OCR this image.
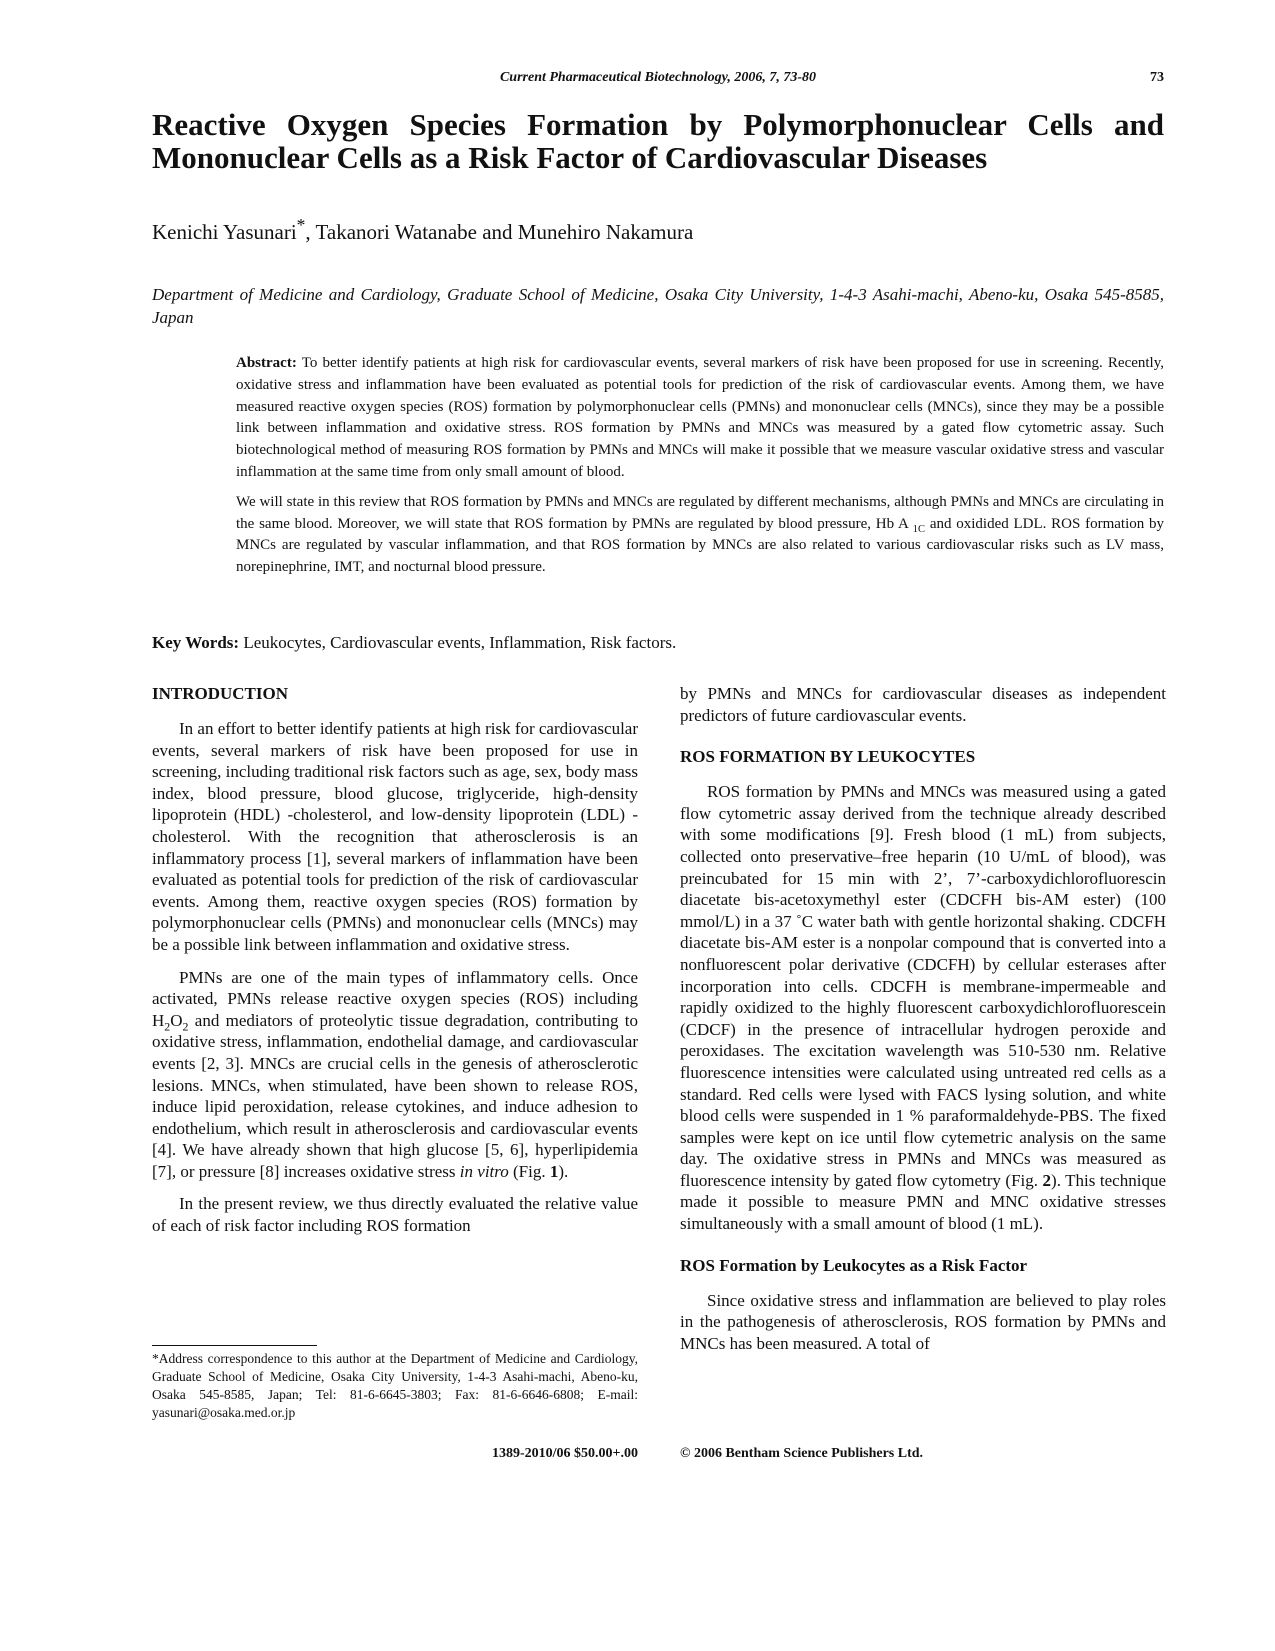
Current Pharmaceutical Biotechnology, 2006, 7, 73-80	73
Reactive Oxygen Species Formation by Polymorphonuclear Cells and Mononuclear Cells as a Risk Factor of Cardiovascular Diseases

Kenichi Yasunari*, Takanori Watanabe and Munehiro Nakamura

Department of Medicine and Cardiology, Graduate School of Medicine, Osaka City University, 1-4-3 Asahi-machi, Abeno-ku, Osaka 545-8585, Japan

Abstract: To better identify patients at high risk for cardiovascular events, several markers of risk have been proposed for use in screening. Recently, oxidative stress and inflammation have been evaluated as potential tools for prediction of the risk of cardiovascular events. Among them, we have measured reactive oxygen species (ROS) formation by polymorphonuclear cells (PMNs) and mononuclear cells (MNCs), since they may be a possible link between inflammation and oxidative stress. ROS formation by PMNs and MNCs was measured by a gated flow cytometric assay. Such biotechnological method of measuring ROS formation by PMNs and MNCs will make it possible that we measure vascular oxidative stress and vascular inflammation at the same time from only small amount of blood.

We will state in this review that ROS formation by PMNs and MNCs are regulated by different mechanisms, although PMNs and MNCs are circulating in the same blood. Moreover, we will state that ROS formation by PMNs are regulated by blood pressure, Hb A $_{1C}$ and oxidided LDL. ROS formation by MNCs are regulated by vascular inflammation, and that ROS formation by MNCs are also related to various cardiovascular risks such as LV mass, norepinephrine, IMT, and nocturnal blood pressure.

Key Words: Leukocytes, Cardiovascular events, Inflammation, Risk factors.

INTRODUCTION

In an effort to better identify patients at high risk for cardiovascular events, several markers of risk have been proposed for use in screening, including traditional risk factors such as age, sex, body mass index, blood pressure, blood glucose, triglyceride, high-density lipoprotein (HDL) -cholesterol, and low-density lipoprotein (LDL) -cholesterol. With the recognition that atherosclerosis is an inflammatory process [1], several markers of inflammation have been evaluated as potential tools for prediction of the risk of cardiovascular events. Among them, reactive oxygen species (ROS) formation by polymorphonuclear cells (PMNs) and mononuclear cells (MNCs) may be a possible link between inflammation and oxidative stress.

PMNs are one of the main types of inflammatory cells. Once activated, PMNs release reactive oxygen species (ROS) including $H_2O_2$ and mediators of proteolytic tissue degradation, contributing to oxidative stress, inflammation, endothelial damage, and cardiovascular events [2, 3]. MNCs are crucial cells in the genesis of atherosclerotic lesions. MNCs, when stimulated, have been shown to release ROS, induce lipid peroxidation, release cytokines, and induce adhesion to endothelium, which result in atherosclerosis and cardiovascular events [4]. We have already shown that high glucose [5, 6], hyperlipidemia [7], or pressure [8] increases oxidative stress in vitro (Fig. 1).

In the present review, we thus directly evaluated the relative value of each of risk factor including ROS formation

by PMNs and MNCs for cardiovascular diseases as independent predictors of future cardiovascular events.

ROS FORMATION BY LEUKOCYTES

ROS formation by PMNs and MNCs was measured using a gated flow cytometric assay derived from the technique already described with some modifications [9]. Fresh blood (1 mL) from subjects, collected onto preservative–free heparin (10 U/mL of blood), was preincubated for 15 min with 2’, 7’-carboxydichlorofluorescin diacetate bis-acetoxymethyl ester (CDCFH bis-AM ester) (100 mmol/L) in a 37 ˚C water bath with gentle horizontal shaking. CDCFH diacetate bis-AM ester is a nonpolar compound that is converted into a nonfluorescent polar derivative (CDCFH) by cellular esterases after incorporation into cells. CDCFH is membrane-impermeable and rapidly oxidized to the highly fluorescent carboxydichlorofluorescein (CDCF) in the presence of intracellular hydrogen peroxide and peroxidases. The excitation wavelength was 510-530 nm. Relative fluorescence intensities were calculated using untreated red cells as a standard. Red cells were lysed with FACS lysing solution, and white blood cells were suspended in 1 % paraformaldehyde-PBS. The fixed samples were kept on ice until flow cytemetric analysis on the same day. The oxidative stress in PMNs and MNCs was measured as fluorescence intensity by gated flow cytometry (Fig. 2). This technique made it possible to measure PMN and MNC oxidative stresses simultaneously with a small amount of blood (1 mL).

ROS Formation by Leukocytes as a Risk Factor

Since oxidative stress and inflammation are believed to play roles in the pathogenesis of atherosclerosis, ROS formation by PMNs and MNCs has been measured. A total of

*Address correspondence to this author at the Department of Medicine and Cardiology, Graduate School of Medicine, Osaka City University, 1-4-3 Asahi-machi, Abeno-ku, Osaka 545-8585, Japan; Tel: 81-6-6645-3803; Fax: 81-6-6646-6808; E-mail: yasunari@osaka.med.or.jp

1389-2010/06 $50.00+.00	© 2006 Bentham Science Publishers Ltd.
